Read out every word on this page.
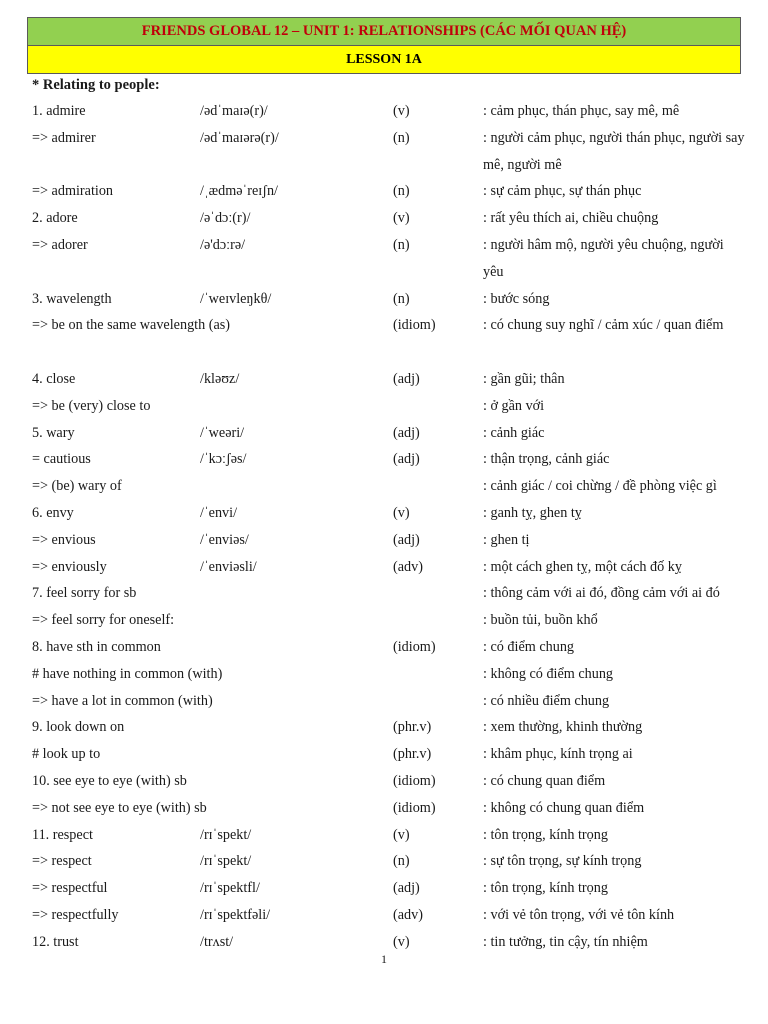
FRIENDS GLOBAL 12 – UNIT 1: RELATIONSHIPS (CÁC MỐI QUAN HỆ)
LESSON 1A
* Relating to people:
1. admire	/ədˈmaɪə(r)/	(v)	: cảm phục, thán phục, say mê, mê
=> admirer	/ədˈmaɪərə(r)/	(n)	: người cảm phục, người thán phục, người say mê, người mê
=> admiration	/ˌædməˈreɪʃn/	(n)	: sự cảm phục, sự thán phục
2. adore	/əˈdɔː(r)/	(v)	: rất yêu thích ai, chiều chuộng
=> adorer	/ə'dɔːrə/	(n)	: người hâm mộ, người yêu chuộng, người yêu
3. wavelength	/ˈweɪvleŋkθ/	(n)	: bước sóng
=> be on the same wavelength (as)	(idiom)	: có chung suy nghĩ / cảm xúc / quan điểm
4. close	/kləʊz/	(adj)	: gần gũi; thân
=> be (very) close to	: ở gần với
5. wary	/ˈweəri/	(adj)	: cảnh giác
= cautious	/ˈkɔːʃəs/	(adj)	: thận trọng, cảnh giác
=> (be) wary of	: cảnh giác / coi chừng / đề phòng việc gì
6. envy	/ˈenvi/	(v)	: ganh tỵ, ghen tỵ
=> envious	/ˈenviəs/	(adj)	: ghen tị
=> enviously	/ˈenviəsli/	(adv)	: một cách ghen tỵ, một cách đố kỵ
7. feel sorry for sb	: thông cảm với ai đó, đồng cảm với ai đó
=> feel sorry for oneself:	: buồn tủi, buồn khổ
8. have sth in common	(idiom)	: có điểm chung
# have nothing in common (with)	: không có điểm chung
=> have a lot in common (with)	: có nhiều điểm chung
9. look down on	(phr.v)	: xem thường, khinh thường
# look up to	(phr.v)	: khâm phục, kính trọng ai
10. see eye to eye (with) sb	(idiom)	: có chung quan điểm
=> not see eye to eye (with) sb	(idiom)	: không có chung quan điểm
11. respect	/rɪˈspekt/	(v)	: tôn trọng, kính trọng
=> respect	/rɪˈspekt/	(n)	: sự tôn trọng, sự kính trọng
=> respectful	/rɪˈspektfl/	(adj)	: tôn trọng, kính trọng
=> respectfully	/rɪˈspektfəli/	(adv)	: với vẻ tôn trọng, với vẻ tôn kính
12. trust	/trʌst/	(v)	: tin tưởng, tin cậy, tín nhiệm
1
